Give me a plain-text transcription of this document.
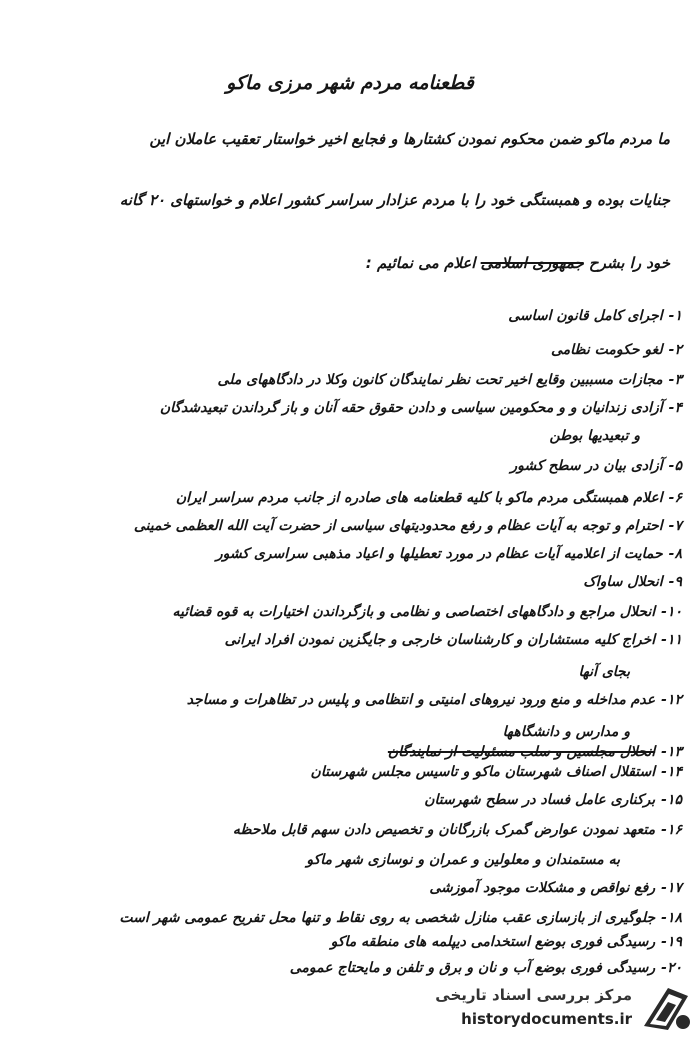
قطعنامه مردم شهر مرزی ماکو
ما مردم ماکو ضمن محکوم نمودن کشتارها و فجایع اخیر خواستار تعقیب عاملان این
جنایات بوده و همبستگی خود را با مردم عزادار سراسر کشور اعلام و خواستهای ۲۰ گانه
خود را بشرح جمهوری اسلامی اعلام می نمائیم :
۱-اجرای کامل قانون اساسی
۲-لغو حکومت نظامی
۳-مجازات مسببین وقایع اخیر تحت نظر نمایندگان کانون وکلا در دادگاههای ملی
۴-آزادی زندانیان و و محکومین سیاسی و دادن حقوق حقه آنان و باز گرداندن تبعیدشدگان
و تبعیدیها بوطن
۵-آزادی بیان در سطح کشور
۶-اعلام همبستگی مردم ماکو با کلیه قطعنامه های صادره از جانب مردم سراسر ایران
۷-احترام و توجه به آیات عظام و رفع محدودیتهای سیاسی از حضرت آیت الله العظمی خمینی
۸-حمایت از اعلامیه آیات عظام در مورد تعطیلها و اعیاد مذهبی سراسری کشور
۹-انحلال ساواک
۱۰-انحلال مراجع و دادگاههای اختصاصی و نظامی و بازگرداندن اختیارات به قوه قضائیه
۱۱-اخراج کلیه مستشاران و کارشناسان خارجی و جایگزین نمودن افراد ایرانی
بجای آنها
۱۲-عدم مداخله و منع ورود نیروهای امنیتی و انتظامی و پلیس در تظاهرات و مساجد
و مدارس و دانشگاهها
۱۳-انحلال مجلسین و سلب مسئولیت از نمایندگان
۱۴-استقلال اصناف شهرستان ماکو و تاسیس مجلس شهرستان
۱۵-برکناری عامل فساد در سطح شهرستان
۱۶-متعهد نمودن عوارض گمرک بازرگانان و تخصیص دادن سهم قابل ملاحظه
به مستمندان و معلولین و عمران و نوسازی شهر ماکو
۱۷-رفع نواقص و مشکلات موجود آموزشی
۱۸-جلوگیری از بازسازی عقب منازل شخصی به روی نقاط و تنها محل تفریح عمومی شهر است
۱۹-رسیدگی فوری بوضع استخدامی دیپلمه های منطقه ماکو
۲۰-رسیدگی فوری بوضع آب و نان و برق و تلفن و مایحتاج عمومی
مرکز بررسی اسناد تاریخی
historydocuments.ir
